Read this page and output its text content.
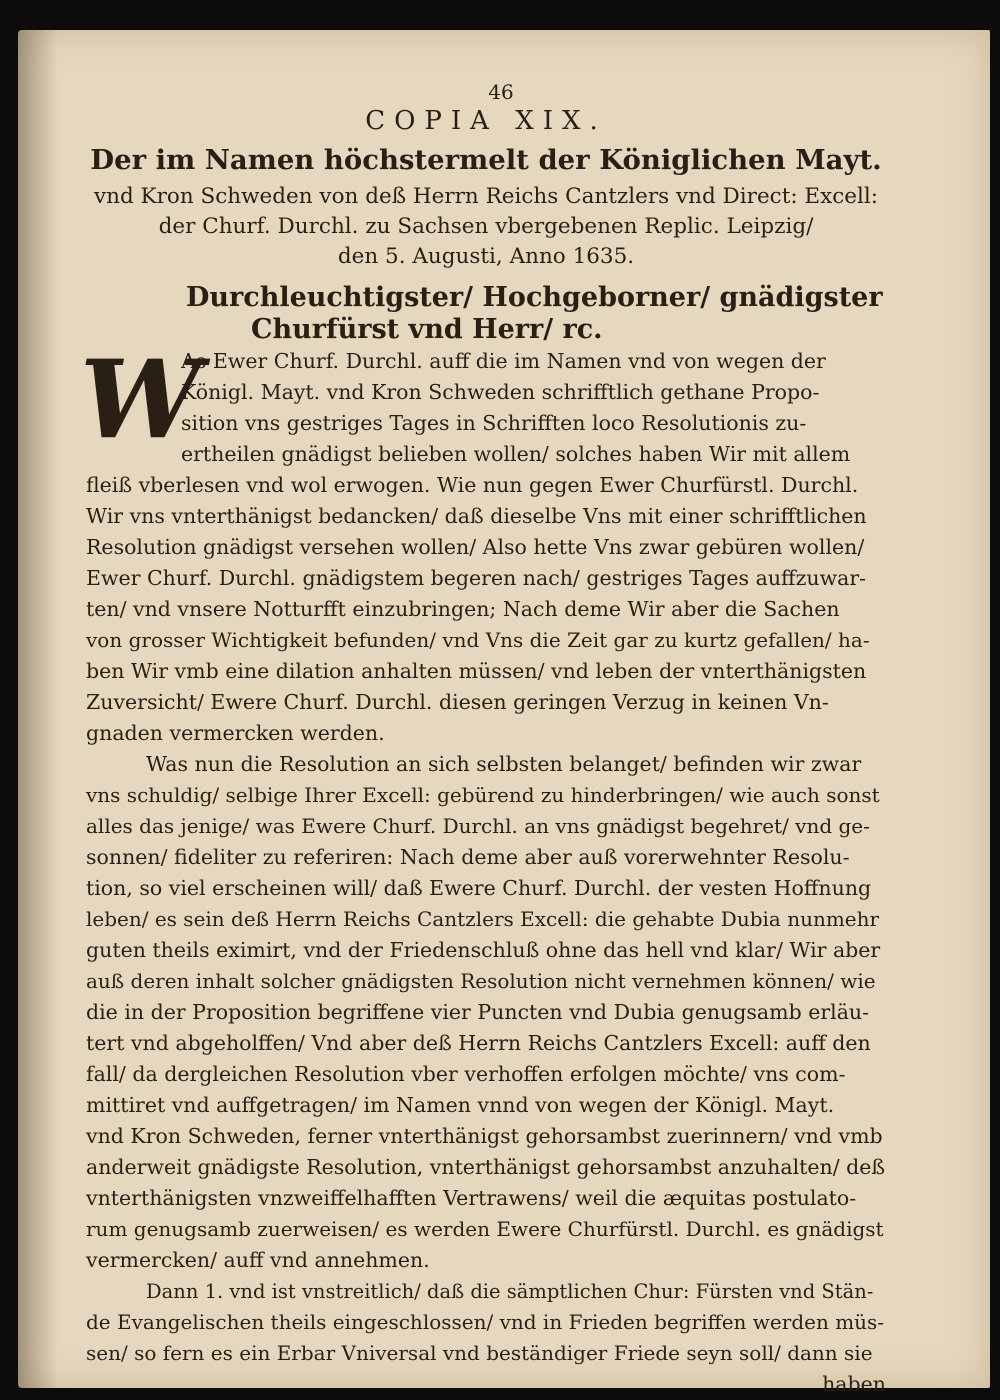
46
COPIA XIX.
Der im Namen höchstermelt der Königlichen Mayt.
vnd Kron Schweden von deß Herrn Reichs Cantzlers vnd Direct: Excell:
der Churf. Durchl. zu Sachsen vbergebenen Replic. Leipzig/
den 5. Augusti, Anno 1635.
Durchleuchtigster/ Hochgeborner/ gnädigster
Churfürst vnd Herr/ rc.
W
As Ewer Churf. Durchl. auff die im Namen vnd von wegen der
Königl. Mayt. vnd Kron Schweden schrifftlich gethane Propo-
sition vns gestriges Tages in Schrifften loco Resolutionis zu-
ertheilen gnädigst belieben wollen/ solches haben Wir mit allem
fleiß vberlesen vnd wol erwogen. Wie nun gegen Ewer Churfürstl. Durchl.
Wir vns vnterthänigst bedancken/ daß dieselbe Vns mit einer schrifftlichen
Resolution gnädigst versehen wollen/ Also hette Vns zwar gebüren wollen/
Ewer Churf. Durchl. gnädigstem begeren nach/ gestriges Tages auffzuwar-
ten/ vnd vnsere Notturfft einzubringen; Nach deme Wir aber die Sachen
von grosser Wichtigkeit befunden/ vnd Vns die Zeit gar zu kurtz gefallen/ ha-
ben Wir vmb eine dilation anhalten müssen/ vnd leben der vnterthänigsten
Zuversicht/ Ewere Churf. Durchl. diesen geringen Verzug in keinen Vn-
gnaden vermercken werden.
Was nun die Resolution an sich selbsten belanget/ befinden wir zwar
vns schuldig/ selbige Ihrer Excell: gebürend zu hinderbringen/ wie auch sonst
alles das jenige/ was Ewere Churf. Durchl. an vns gnädigst begehret/ vnd ge-
sonnen/ fideliter zu referiren: Nach deme aber auß vorerwehnter Resolu-
tion, so viel erscheinen will/ daß Ewere Churf. Durchl. der vesten Hoffnung
leben/ es sein deß Herrn Reichs Cantzlers Excell: die gehabte Dubia nunmehr
guten theils eximirt, vnd der Friedenschluß ohne das hell vnd klar/ Wir aber
auß deren inhalt solcher gnädigsten Resolution nicht vernehmen können/ wie
die in der Proposition begriffene vier Puncten vnd Dubia genugsamb erläu-
tert vnd abgeholffen/ Vnd aber deß Herrn Reichs Cantzlers Excell: auff den
fall/ da dergleichen Resolution vber verhoffen erfolgen möchte/ vns com-
mittiret vnd auffgetragen/ im Namen vnnd von wegen der Königl. Mayt.
vnd Kron Schweden, ferner vnterthänigst gehorsambst zuerinnern/ vnd vmb
anderweit gnädigste Resolution, vnterthänigst gehorsambst anzuhalten/ deß
vnterthänigsten vnzweiffelhafften Vertrawens/ weil die æquitas postulato-
rum genugsamb zuerweisen/ es werden Ewere Churfürstl. Durchl. es gnädigst
vermercken/ auff vnd annehmen.
Dann 1. vnd ist vnstreitlich/ daß die sämptlichen Chur: Fürsten vnd Stän-
de Evangelischen theils eingeschlossen/ vnd in Frieden begriffen werden müs-
sen/ so fern es ein Erbar Vniversal vnd beständiger Friede seyn soll/ dann sie
haben
